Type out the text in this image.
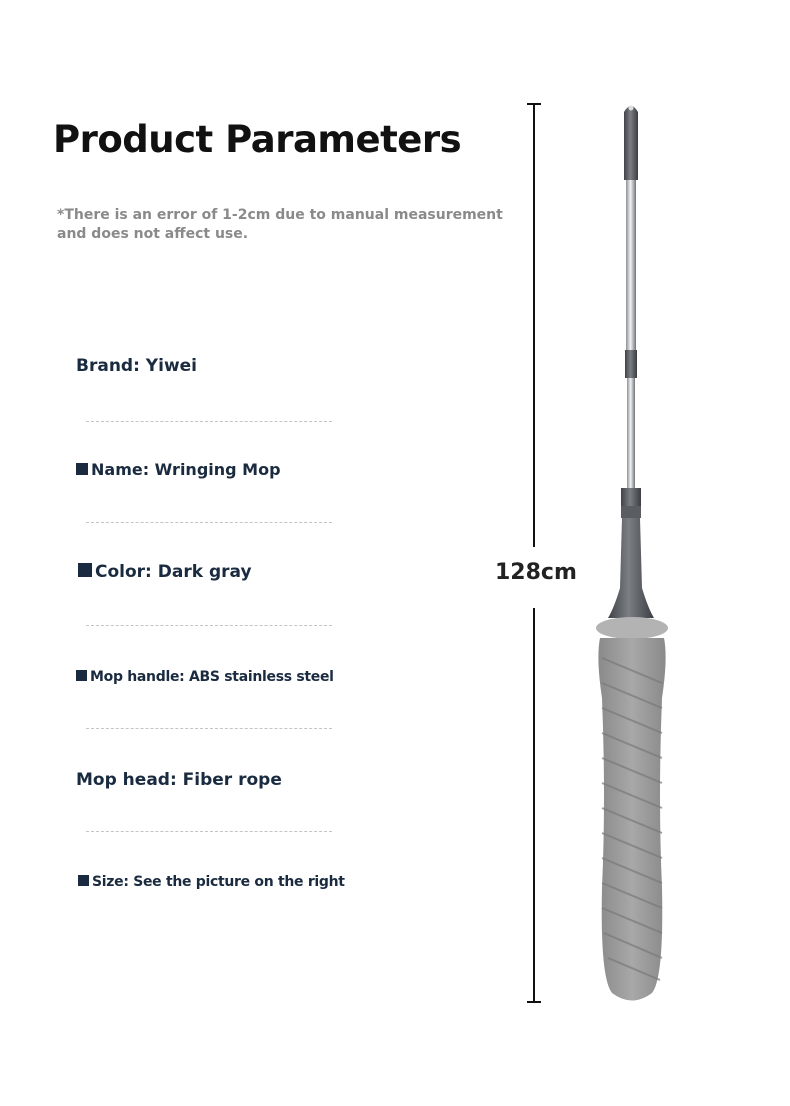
Product Parameters
*There is an error of 1-2cm due to manual measurement and does not affect use.
Brand: Yiwei
Name: Wringing Mop
Color: Dark gray
Mop handle: ABS stainless steel
Mop head: Fiber rope
Size: See the picture on the right
128cm
